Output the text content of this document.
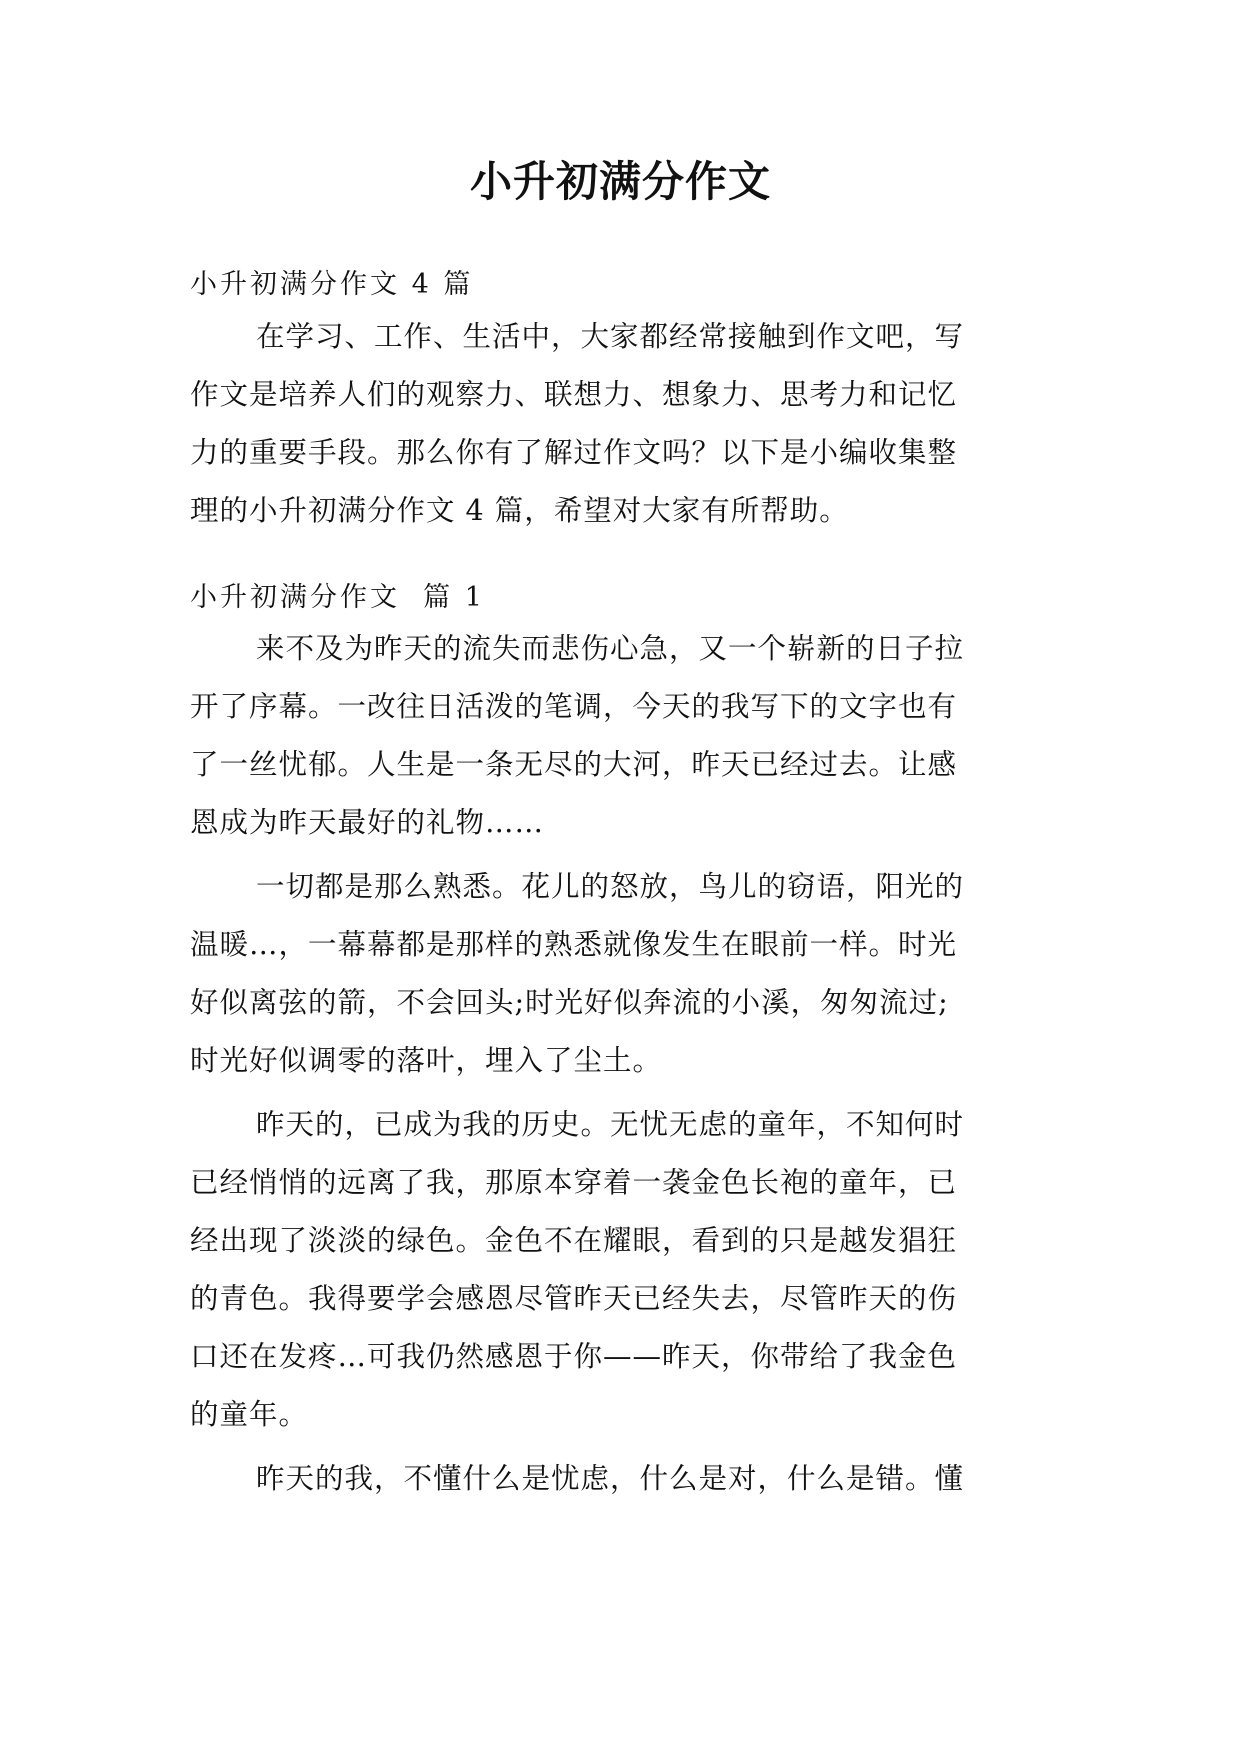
小升初满分作文
小升初满分作文 4 篇
在学习、工作、生活中，大家都经常接触到作文吧，写
作文是培养人们的观察力、联想力、想象力、思考力和记忆
力的重要手段。那么你有了解过作文吗？以下是小编收集整
理的小升初满分作文 4 篇，希望对大家有所帮助。
小升初满分作文  篇 1
来不及为昨天的流失而悲伤心急，又一个崭新的日子拉
开了序幕。一改往日活泼的笔调，今天的我写下的文字也有
了一丝忧郁。人生是一条无尽的大河，昨天已经过去。让感
恩成为昨天最好的礼物……
一切都是那么熟悉。花儿的怒放，鸟儿的窃语，阳光的
温暖…，一幕幕都是那样的熟悉就像发生在眼前一样。时光
好似离弦的箭，不会回头;时光好似奔流的小溪，匆匆流过;
时光好似调零的落叶，埋入了尘土。
昨天的，已成为我的历史。无忧无虑的童年，不知何时
已经悄悄的远离了我，那原本穿着一袭金色长袍的童年，已
经出现了淡淡的绿色。金色不在耀眼，看到的只是越发猖狂
的青色。我得要学会感恩尽管昨天已经失去，尽管昨天的伤
口还在发疼…可我仍然感恩于你——昨天，你带给了我金色
的童年。
昨天的我，不懂什么是忧虑，什么是对，什么是错。懂
